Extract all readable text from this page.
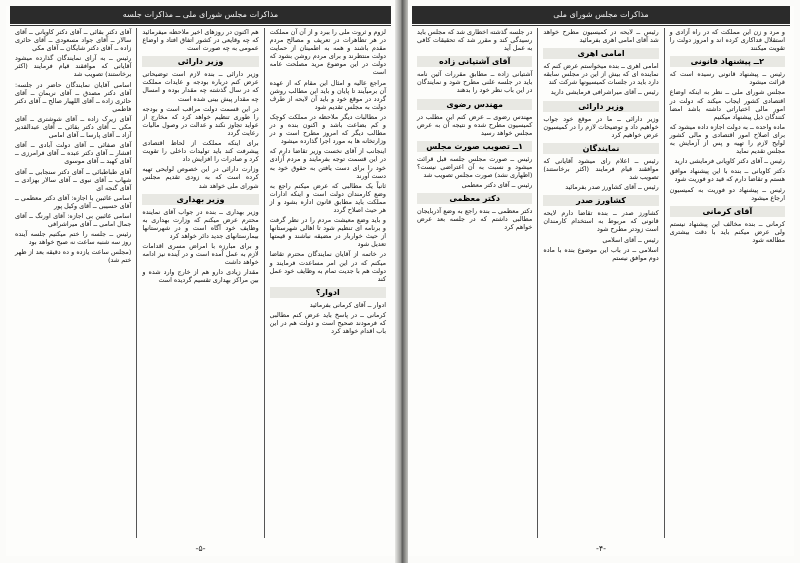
مذاکرات مجلس شورای ملی ــ مذاکرات جلسه

لزوم و ثروت ملی را ببرد و از آن آن مملکت در هر تظاهرات در تعریف و مصالح مردم مقدم باشند و همه به اطمینان از حمایت دولت منتظرند و برای مردم روشن بشود که دولت در این موضوع مرید مصلحت عامه است

مراجع عالیه و امثال این مقام که از عهده آن برمیآیند تا پایان و باید این مطالب روشن گردد در موقع خود و باید آن لایحه از طرف دولت به مجلس تقدیم شود

در مطالبات دیگر ملاحظه در مملکت کوچک و کم بضاعت باشد و اکنون بنده و در مطالب دیگر که امروز مطرح است و در وزارتخانه ها به مورد اجرا گذارده میشود

اینجانب از آقای نخست وزیر تقاضا دارم که در این قسمت توجه بفرمایند و مردم آزادی خود را برای دست یافتن به حقوق خود به دست آورند

ثانیاً یک مطالبی که عرض میکنم راجع به وضع کارمندان دولت است و اینکه ادارات مملکت باید مطابق قانون اداره بشود و از هر حیث اصلاح گردد

و باید وضع معیشت مردم را در نظر گرفت و برنامه ای تنظیم شود تا اهالی شهرستانها از حیث خواربار در مضیقه نباشند و قیمتها تعدیل شود

در خاتمه از آقایان نمایندگان محترم تقاضا میکنم که در این امر مساعدت فرمایند و دولت هم با جدیت تمام به وظایف خود عمل کند

ادوار؟

ادوار ــ آقای کرمانی بفرمائید

کرمانی ــ در پاسخ باید عرض کنم مطالبی که فرمودند صحیح است و دولت هم در این باب اقدام خواهد کرد

هم اکنون در روزهای اخیر ملاحظه میفرمائید که چه وقایعی در کشور اتفاق افتاد و اوضاع عمومی به چه صورت است

وزیر دارائی

وزیر دارائی ــ بنده لازم است توضیحاتی عرض کنم درباره بودجه و عایدات مملکت که در سال گذشته چه مقدار بوده و امسال چه مقدار پیش بینی شده است

در این قسمت دولت مراقب است و بودجه را طوری تنظیم خواهد کرد که مخارج از عواید تجاوز نکند و عدالت در وصول مالیات رعایت گردد

برای اینکه مملکت از لحاظ اقتصادی پیشرفت کند باید تولیدات داخلی را تقویت کرد و صادرات را افزایش داد

وزارت دارائی در این خصوص لوایحی تهیه کرده است که به زودی تقدیم مجلس شورای ملی خواهد شد

وزیر بهداری

وزیر بهداری ــ بنده در جواب آقای نماینده محترم عرض میکنم که وزارت بهداری به وظایف خود آگاه است و در شهرستانها بیمارستانهای جدید دائر خواهد کرد

و برای مبارزه با امراض مسری اقدامات لازم به عمل آمده است و در آینده نیز ادامه خواهد داشت

مقدار زیادی دارو هم از خارج وارد شده و بین مراکز بهداری تقسیم گردیده است

آقای دکتر بقائی ــ آقای دکتر کاویانی ــ آقای سالار ــ آقای جواد مسعودی ــ آقای حائری زاده ــ آقای دکتر شایگان ــ آقای مکی

رئیس ــ به آرای نمایندگان گذارده میشود آقایانی که موافقند قیام فرمایند (اکثر برخاستند) تصویب شد

اسامی آقایان نمایندگان حاضر در جلسه: آقای دکتر مصدق ــ آقای نریمان ــ آقای حائری زاده ــ آقای اللهیار صالح ــ آقای دکتر فاطمی

آقای زیرک زاده ــ آقای شوشتری ــ آقای مکی ــ آقای دکتر بقائی ــ آقای عبدالقدیر آزاد ــ آقای پارسا ــ آقای امامی

آقای صفائی ــ آقای دولت آبادی ــ آقای افشار ــ آقای دکتر عبده ــ آقای فرامرزی ــ آقای کهبد ــ آقای موسوی

آقای طباطبائی ــ آقای دکتر سنجابی ــ آقای شهاب ــ آقای نبوی ــ آقای سالار بهزادی ــ آقای گنجه ای

اسامی غائبین با اجازه: آقای دکتر معظمی ــ آقای حسیبی ــ آقای وکیل پور

اسامی غائبین بی اجازه: آقای اورنگ ــ آقای جمال امامی ــ آقای میراشرافی

رئیس ــ جلسه را ختم میکنیم جلسه آینده روز سه شنبه ساعت نه صبح خواهد بود

(مجلس ساعت یازده و ده دقیقه بعد از ظهر ختم شد)

-۵-
مذاکرات مجلس شورای ملی

و مرد و زن این مملکت که در راه آزادی و استقلال فداکاری کرده اند و امروز دولت را تقویت میکنند

۲ــ پیشنهاد قانونی

رئیس ــ پیشنهاد قانونی رسیده است که قرائت میشود

مجلس شورای ملی ــ نظر به اینکه اوضاع اقتصادی کشور ایجاب میکند که دولت در امور مالی اختیاراتی داشته باشد امضا کنندگان ذیل پیشنهاد میکنیم

ماده واحده ــ به دولت اجازه داده میشود که برای اصلاح امور اقتصادی و مالی کشور لوایح لازم را تهیه و پس از آزمایش به مجلس تقدیم نماید

رئیس ــ آقای دکتر کاویانی فرمایشی دارید

دکتر کاویانی ــ بنده با این پیشنهاد موافق هستم و تقاضا دارم که قید دو فوریت شود

رئیس ــ پیشنهاد دو فوریت به کمیسیون ارجاع میشود

آقای کرمانی

کرمانی ــ بنده مخالف این پیشنهاد نیستم ولی عرض میکنم باید با دقت بیشتری مطالعه شود

رئیس ــ لایحه در کمیسیون مطرح خواهد شد آقای امامی اهری بفرمائید

امامی اهری

امامی اهری ــ بنده میخواستم عرض کنم که نماینده ای که بیش از این در مجلس سابقه دارد باید در جلسات کمیسیونها شرکت کند

رئیس ــ آقای میراشرافی فرمایشی دارید

وزیر دارائی

وزیر دارائی ــ ما در موقع خود جواب خواهیم داد و توضیحات لازم را در کمیسیون عرض خواهیم کرد

نمایندگان

رئیس ــ اعلام رای میشود آقایانی که موافقند قیام فرمایند (اکثر برخاستند) تصویب شد

رئیس ــ آقای کشاورز صدر بفرمائید

کشاورز صدر

کشاورز صدر ــ بنده تقاضا دارم لایحه قانونی که مربوط به استخدام کارمندان است زودتر مطرح شود

رئیس ــ آقای اسلامی

اسلامی ــ در باب این موضوع بنده با ماده دوم موافق نیستم

در جلسه گذشته اخطاری شد که مجلس باید رسیدگی کند و مقرر شد که تحقیقات کافی به عمل آید

آقای آشتیانی زاده

آشتیانی زاده ــ مطابق مقررات آئین نامه باید در جلسه علنی مطرح شود و نمایندگان در این باب نظر خود را بدهند

مهندس رضوی

مهندس رضوی ــ عرض کنم این مطلب در کمیسیون مطرح شده و نتیجه آن به عرض مجلس خواهد رسید

۱ــ تصویب صورت مجلس

رئیس ــ صورت مجلس جلسه قبل قرائت میشود و نسبت به آن اعتراضی نیست؟ (اظهاری نشد) صورت مجلس تصویب شد

رئیس ــ آقای دکتر معظمی

دکتر معظمی

دکتر معظمی ــ بنده راجع به وضع آذربایجان مطالبی داشتم که در جلسه بعد عرض خواهم کرد

-۴-
